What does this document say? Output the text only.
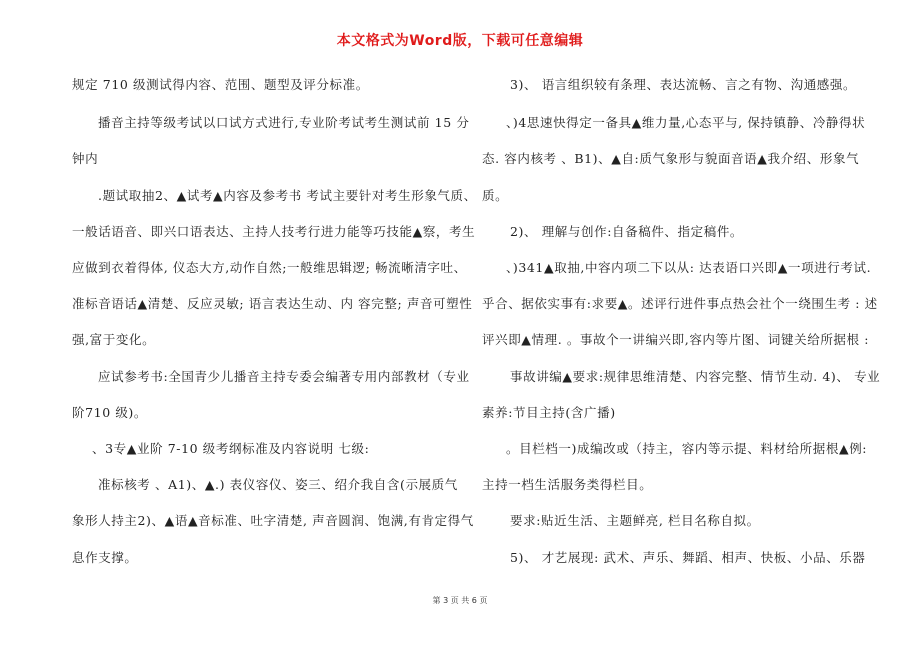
本文格式为Word版，下载可任意编辑
规定 710 级测试得内容、范围、题型及评分标准。
播音主持等级考试以口试方式进行,专业阶考试考生测试前 15 分
钟内
.题试取抽2、▲试考▲内容及参考书 考试主要针对考生形象气质、
一般话语音、即兴口语表达、主持人技考行进力能等巧技能▲察，考生
应做到衣着得体, 仪态大方,动作自然;一般维思辑逻; 畅流晰清字吐、
准标音语话▲清楚、反应灵敏; 语言表达生动、内 容完整; 声音可塑性
强,富于变化。
应试参考书:全国青少儿播音主持专委会编著专用内部教材（专业
阶710 级)。
、3专▲业阶 7-10 级考纲标准及内容说明 七级:
准标核考 、A1)、▲.) 表仪容仪、姿三、绍介我自含(示展质气
象形人持主2)、▲语▲音标准、吐字清楚, 声音圆润、饱满,有肯定得气
息作支撑。
3)、 语言组织较有条理、表达流畅、言之有物、沟通感强。
、)4思速快得定一备具▲维力量,心态平与, 保持镇静、冷静得状
态. 容内核考 、B1)、▲自:质气象形与貌面音语▲我介绍、形象气
质。
2)、 理解与创作:自备稿件、指定稿件。
、)341▲取抽,中容内项二下以从: 达表语口兴即▲一项进行考试.
乎合、据依实事有:求要▲。述评行进件事点热会社个一绕围生考 : 述
评兴即▲情理. 。事故个一讲编兴即,容内等片图、词键关给所据根 :
事故讲编▲要求:规律思维清楚、内容完整、情节生动. 4)、 专业
素养:节目主持(含广播)
。目栏档一)成编改或（持主，容内等示提、料材给所据根▲例:
主持一档生活服务类得栏目。
要求:贴近生活、主题鲜亮, 栏目名称自拟。
5)、 才艺展现: 武术、声乐、舞蹈、相声、快板、小品、乐器
第 3 页 共 6 页
